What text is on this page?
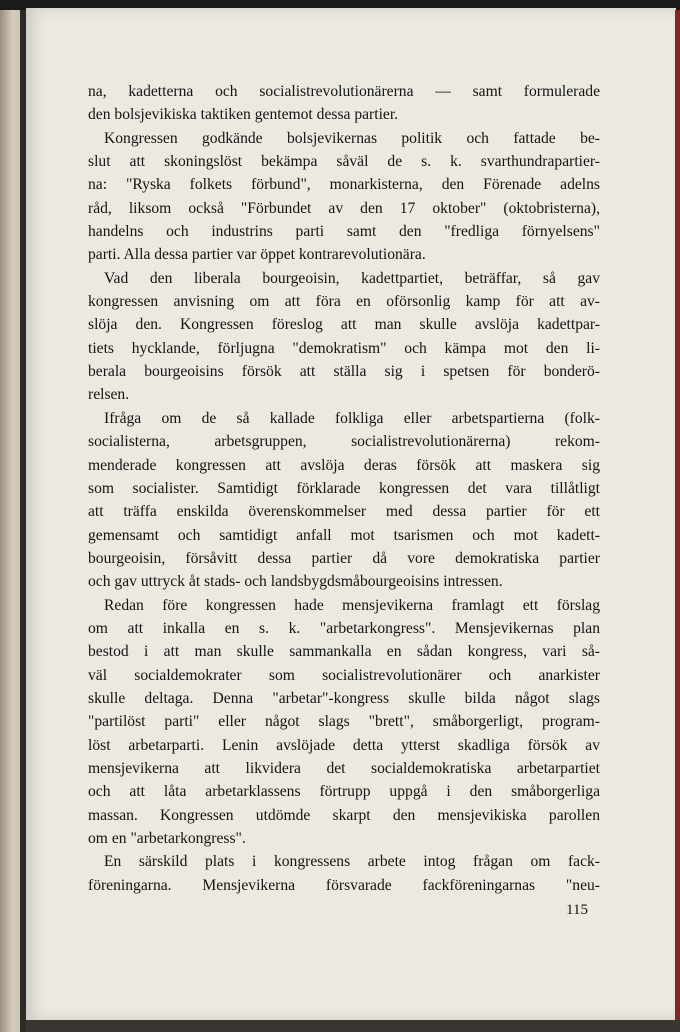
na, kadetterna och socialistrevolutionärerna — samt formulerade
den bolsjevikiska taktiken gentemot dessa partier.
Kongressen godkände bolsjevikernas politik och fattade be-
slut att skoningslöst bekämpa såväl de s. k. svarthundrapartier-
na: "Ryska folkets förbund", monarkisterna, den Förenade adelns
råd, liksom också "Förbundet av den 17 oktober" (oktobristerna),
handelns och industrins parti samt den "fredliga förnyelsens"
parti. Alla dessa partier var öppet kontrarevolutionära.
Vad den liberala bourgeoisin, kadettpartiet, beträffar, så gav
kongressen anvisning om att föra en oförsonlig kamp för att av-
slöja den. Kongressen föreslog att man skulle avslöja kadettpar-
tiets hycklande, förljugna "demokratism" och kämpa mot den li-
berala bourgeoisins försök att ställa sig i spetsen för bonderö-
relsen.
Ifråga om de så kallade folkliga eller arbetspartierna (folk-
socialisterna, arbetsgruppen, socialistrevolutionärerna) rekom-
menderade kongressen att avslöja deras försök att maskera sig
som socialister. Samtidigt förklarade kongressen det vara tillåtligt
att träffa enskilda överenskommelser med dessa partier för ett
gemensamt och samtidigt anfall mot tsarismen och mot kadett-
bourgeoisin, försåvitt dessa partier då vore demokratiska partier
och gav uttryck åt stads- och landsbygdsmåbourgeoisins intressen.
Redan före kongressen hade mensjevikerna framlagt ett förslag
om att inkalla en s. k. "arbetarkongress". Mensjevikernas plan
bestod i att man skulle sammankalla en sådan kongress, vari så-
väl socialdemokrater som socialistrevolutionärer och anarkister
skulle deltaga. Denna "arbetar"-kongress skulle bilda något slags
"partilöst parti" eller något slags "brett", småborgerligt, program-
löst arbetarparti. Lenin avslöjade detta ytterst skadliga försök av
mensjevikerna att likvidera det socialdemokratiska arbetarpartiet
och att låta arbetarklassens förtrupp uppgå i den småborgerliga
massan. Kongressen utdömde skarpt den mensjevikiska parollen
om en "arbetarkongress".
En särskild plats i kongressens arbete intog frågan om fack-
föreningarna. Mensjevikerna försvarade fackföreningarnas "neu-
115
